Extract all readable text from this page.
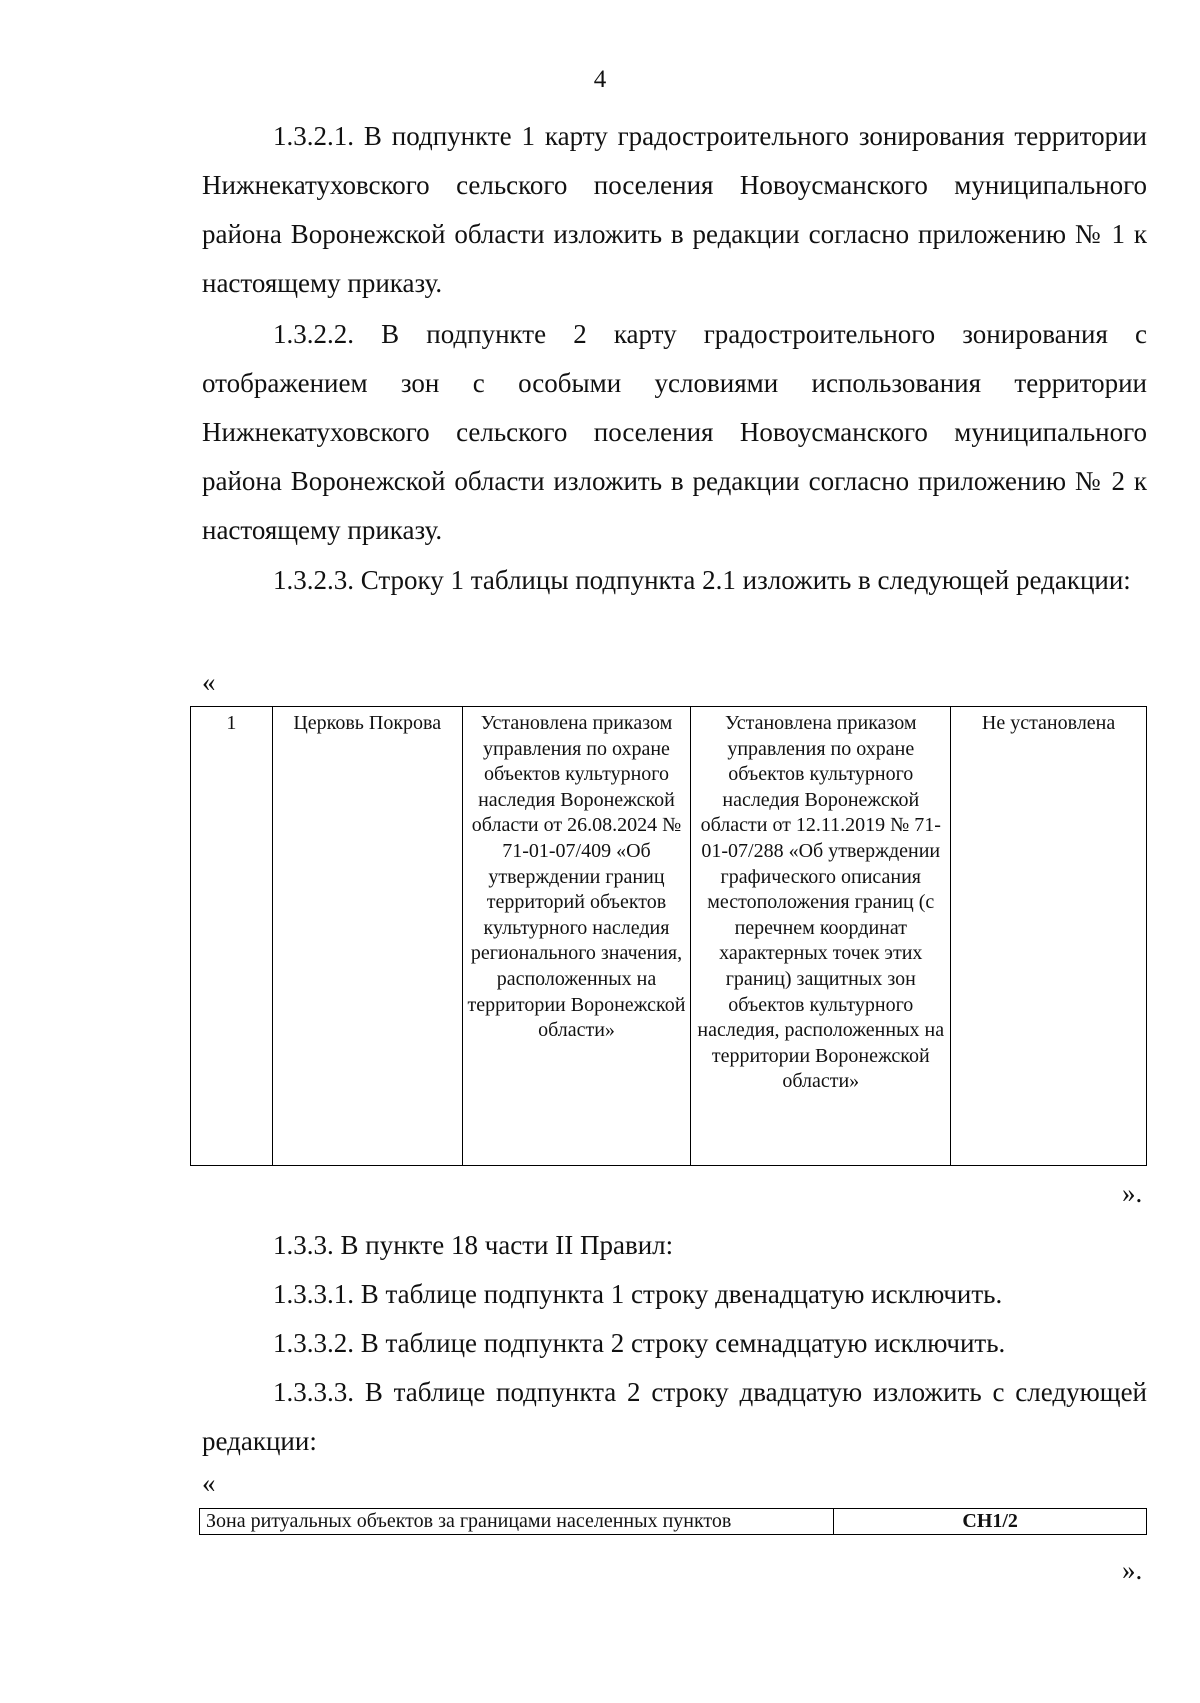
4

1.3.2.1. В подпункте 1 карту градостроительного зонирования территории Нижнекатуховского сельского поселения Новоусманского муниципального района Воронежской области изложить в редакции согласно приложению № 1 к настоящему приказу.

1.3.2.2. В подпункте 2 карту градостроительного зонирования с отображением зон с особыми условиями использования территории Нижнекатуховского сельского поселения Новоусманского муниципального района Воронежской области изложить в редакции согласно приложению № 2 к настоящему приказу.

1.3.2.3. Строку 1 таблицы подпункта 2.1 изложить в следующей редакции:

«
1	Церковь Покрова	Установлена приказом управления по охране объектов культурного наследия Воронежской области от 26.08.2024 № 71-01-07/409 «Об утверждении границ территорий объектов культурного наследия регионального значения, расположенных на территории Воронежской области»	Установлена приказом управления по охране объектов культурного наследия Воронежской области от 12.11.2019 № 71-01-07/288 «Об утверждении графического описания местоположения границ (с перечнем координат характерных точек этих границ) защитных зон объектов культурного наследия, расположенных на территории Воронежской области»	Не установлена
».

1.3.3. В пункте 18 части II Правил:

1.3.3.1. В таблице подпункта 1 строку двенадцатую исключить.

1.3.3.2. В таблице подпункта 2 строку семнадцатую исключить.

1.3.3.3. В таблице подпункта 2 строку двадцатую изложить с следующей редакции:

«
Зона ритуальных объектов за границами населенных пунктов	СН1/2
».
